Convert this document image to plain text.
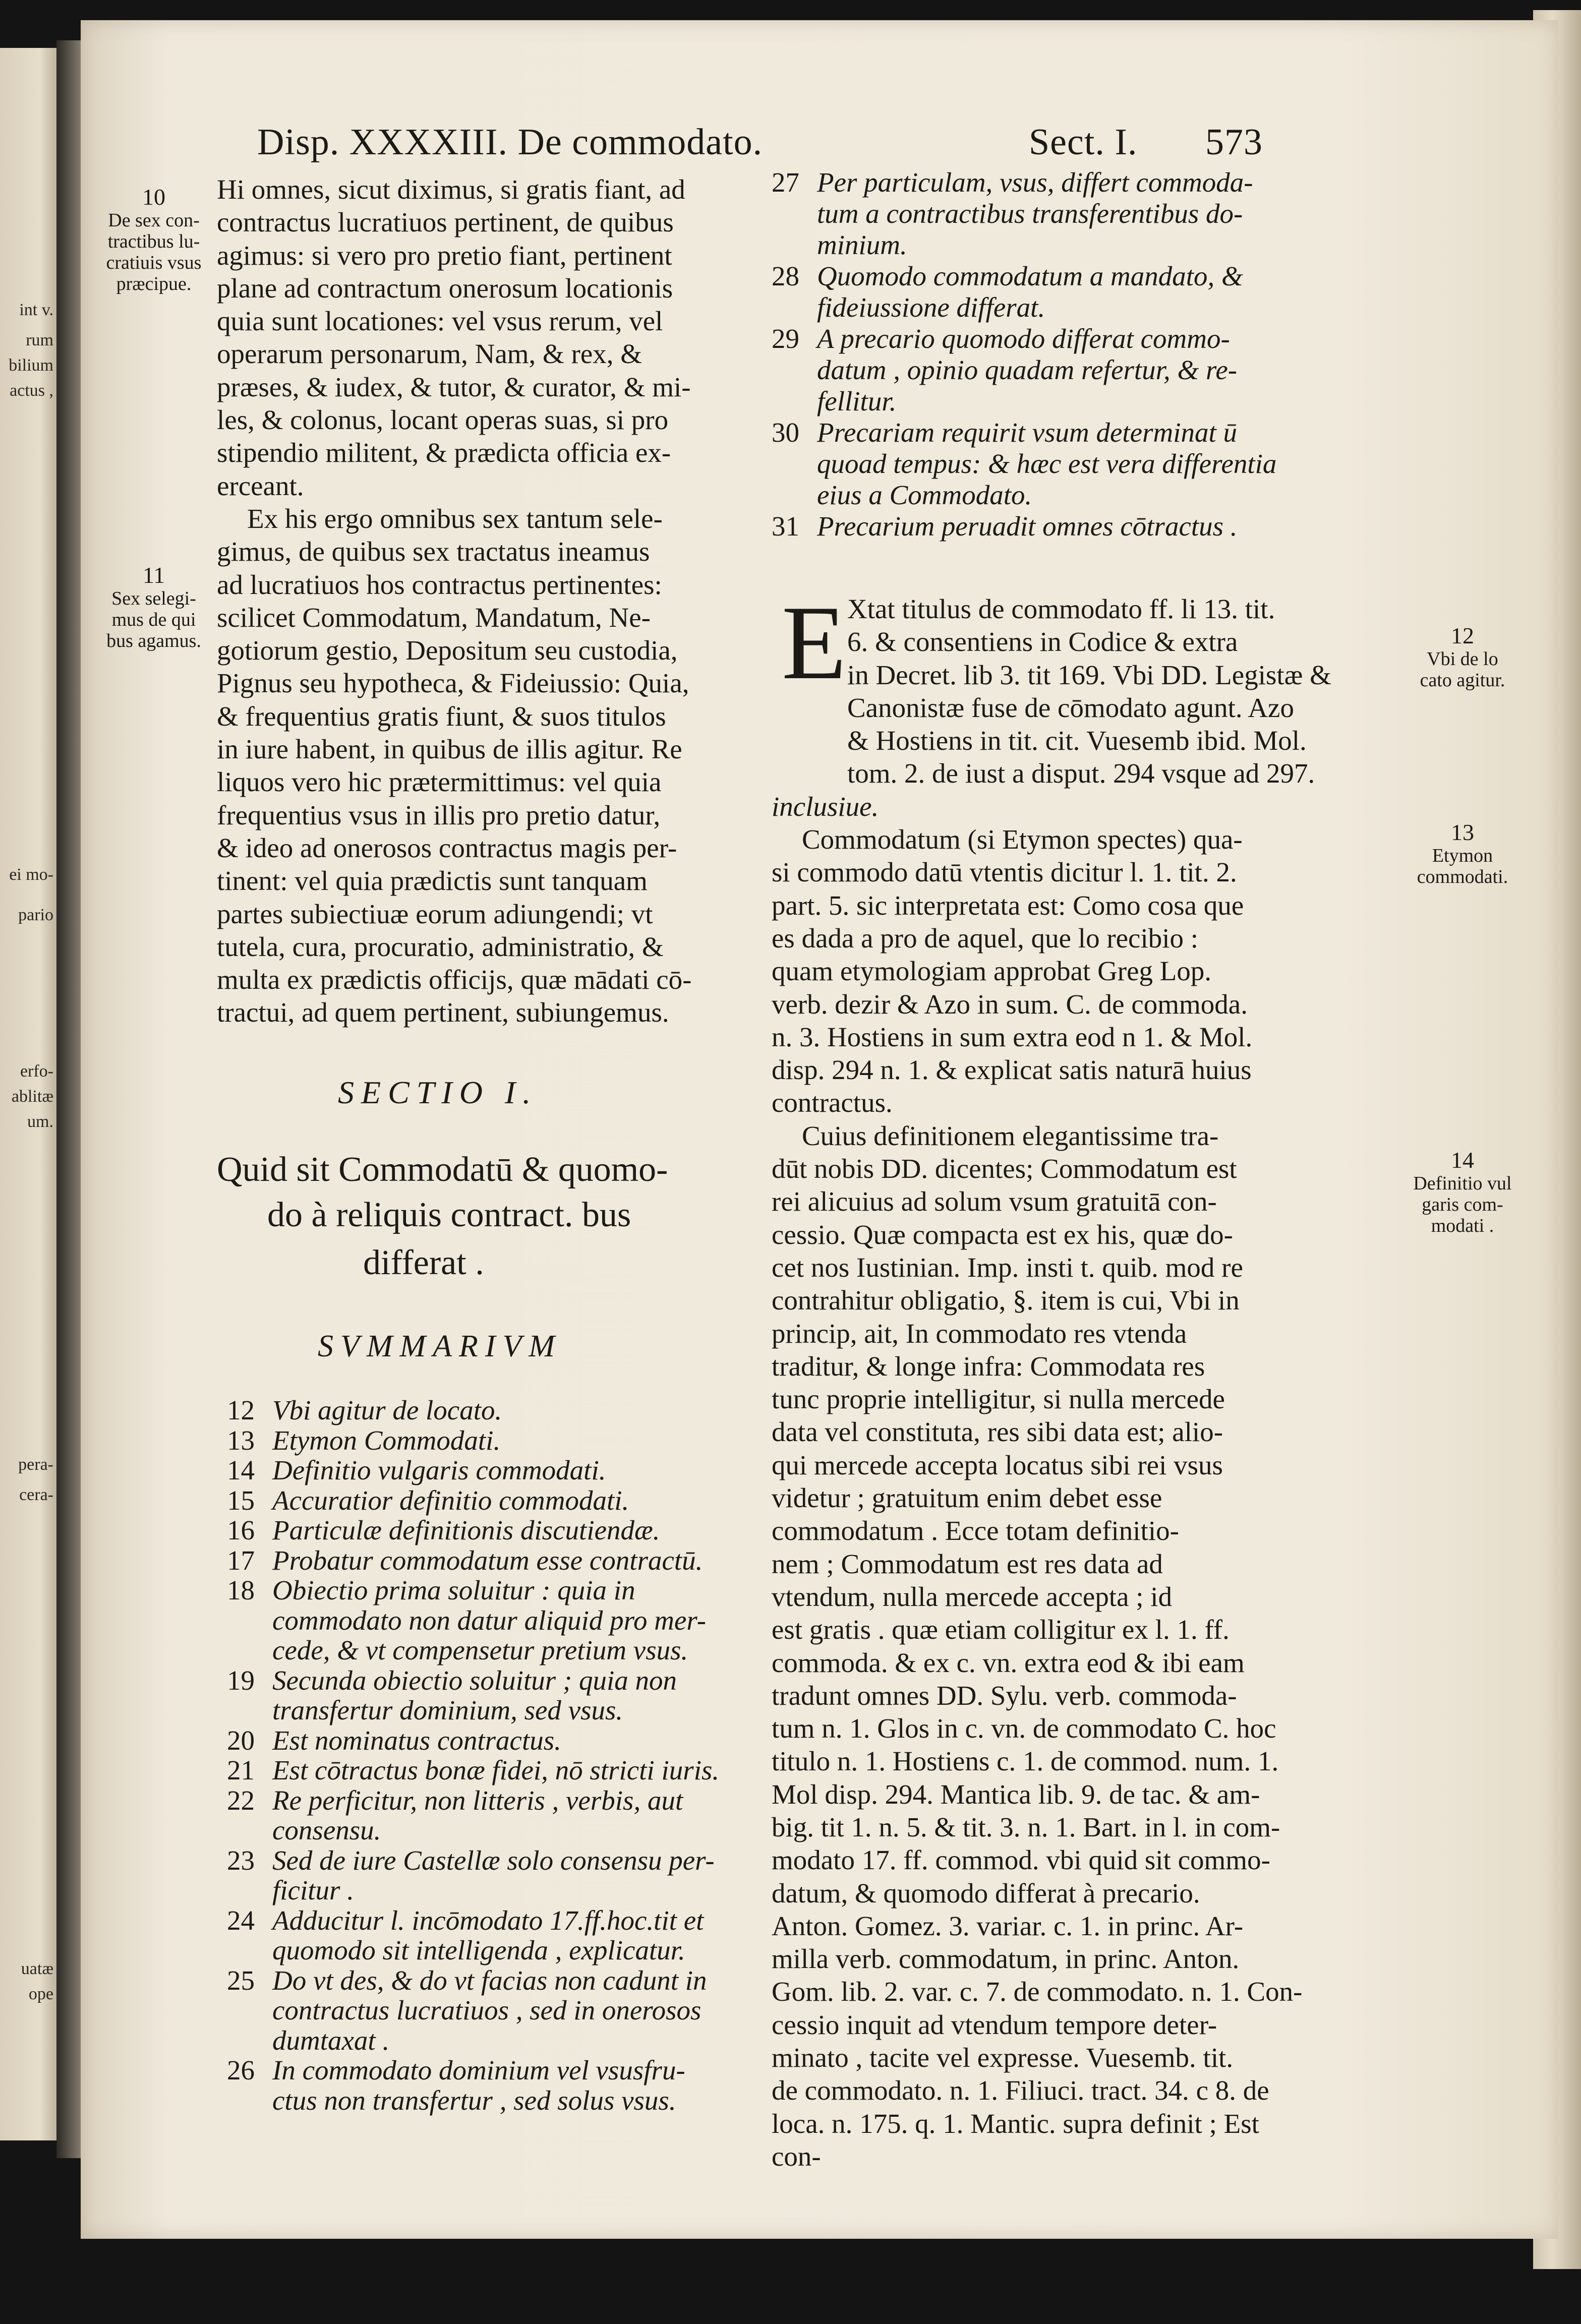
int v.
rum
bilium
actus ,
ei mo-
pario
erfo-
ablitæ
um.
pera-
cera-
uatæ
ope
Disp. XXXXIII. De commodato.	Sect. I. 573
10
De sex con-
tractibus lu-
cratiuis vsus
præcipue.
11
Sex selegi-
mus de qui
bus agamus.
Hi omnes, sicut diximus, si gratis fiant, ad
contractus lucratiuos pertinent, de quibus
agimus: si vero pro pretio fiant, pertinent
plane ad contractum onerosum locationis
quia sunt locationes: vel vsus rerum, vel
operarum personarum, Nam, & rex, &
præses, & iudex, & tutor, & curator, & mi-
les, & colonus, locant operas suas, si pro
stipendio militent, & prædicta officia ex-
erceant.
Ex his ergo omnibus sex tantum sele-
gimus, de quibus sex tractatus ineamus
ad lucratiuos hos contractus pertinentes:
scilicet Commodatum, Mandatum, Ne-
gotiorum gestio, Depositum seu custodia,
Pignus seu hypotheca, & Fideiussio: Quia,
& frequentius gratis fiunt, & suos titulos
in iure habent, in quibus de illis agitur. Re
liquos vero hic prætermittimus: vel quia
frequentius vsus in illis pro pretio datur,
& ideo ad onerosos contractus magis per-
tinent: vel quia prædictis sunt tanquam
partes subiectiuæ eorum adiungendi; vt
tutela, cura, procuratio, administratio, &
multa ex prædictis officijs, quæ mādati cō-
tractui, ad quem pertinent, subiungemus.
SECTIO I.
Quid sit Commodatū & quomo-
do à reliquis contract. bus
differat .
SVMMARIVM
12 Vbi agitur de locato.
13 Etymon Commodati.
14 Definitio vulgaris commodati.
15 Accuratior definitio commodati.
16 Particulæ definitionis discutiendæ.
17 Probatur commodatum esse contractū.
18 Obiectio prima soluitur : quia in
commodato non datur aliquid pro mer-
cede, & vt compensetur pretium vsus.
19 Secunda obiectio soluitur ; quia non
transfertur dominium, sed vsus.
20 Est nominatus contractus.
21 Est cōtractus bonæ fidei, nō stricti iuris.
22 Re perficitur, non litteris , verbis, aut
consensu.
23 Sed de iure Castellæ solo consensu per-
ficitur .
24 Adducitur l. incōmodato 17.ff.hoc.tit et
quomodo sit intelligenda , explicatur.
25 Do vt des, & do vt facias non cadunt in
contractus lucratiuos , sed in onerosos
dumtaxat .
26 In commodato dominium vel vsusfru-
ctus non transfertur , sed solus vsus.
27 Per particulam, vsus, differt commoda-
tum a contractibus transferentibus do-
minium.
28 Quomodo commodatum a mandato, &
fideiussione differat.
29 A precario quomodo differat commo-
datum , opinio quadam refertur, & re-
fellitur.
30 Precariam requirit vsum determinat ū
quoad tempus: & hæc est vera differentia
eius a Commodato.
31 Precarium peruadit omnes cōtractus .
E Xtat titulus de commodato ff. li 13. tit.
6. & consentiens in Codice & extra
in Decret. lib 3. tit 169. Vbi DD. Legistæ &
Canonistæ fuse de cōmodato agunt. Azo
& Hostiens in tit. cit. Vuesemb ibid. Mol.
tom. 2. de iust a disput. 294 vsque ad 297.
inclusiue.
Commodatum (si Etymon spectes) qua-
si commodo datū vtentis dicitur l. 1. tit. 2.
part. 5. sic interpretata est: Como cosa que
es dada a pro de aquel, que lo recibio :
quam etymologiam approbat Greg Lop.
verb. dezir & Azo in sum. C. de commoda.
n. 3. Hostiens in sum extra eod n 1. & Mol.
disp. 294 n. 1. & explicat satis naturā huius
contractus.
Cuius definitionem elegantissime tra-
dūt nobis DD. dicentes; Commodatum est
rei alicuius ad solum vsum gratuitā con-
cessio. Quæ compacta est ex his, quæ do-
cet nos Iustinian. Imp. insti t. quib. mod re
contrahitur obligatio, §. item is cui, Vbi in
princip, ait, In commodato res vtenda
traditur, & longe infra: Commodata res
tunc proprie intelligitur, si nulla mercede
data vel constituta, res sibi data est; alio-
qui mercede accepta locatus sibi rei vsus
videtur ; gratuitum enim debet esse
commodatum . Ecce totam definitio-
nem ; Commodatum est res data ad
vtendum, nulla mercede accepta ; id
est gratis . quæ etiam colligitur ex l. 1. ff.
commoda. & ex c. vn. extra eod & ibi eam
tradunt omnes DD. Sylu. verb. commoda-
tum n. 1. Glos in c. vn. de commodato C. hoc
titulo n. 1. Hostiens c. 1. de commod. num. 1.
Mol disp. 294. Mantica lib. 9. de tac. & am-
big. tit 1. n. 5. & tit. 3. n. 1. Bart. in l. in com-
modato 17. ff. commod. vbi quid sit commo-
datum, & quomodo differat à precario.
Anton. Gomez. 3. variar. c. 1. in princ. Ar-
milla verb. commodatum, in princ. Anton.
Gom. lib. 2. var. c. 7. de commodato. n. 1. Con-
cessio inquit ad vtendum tempore deter-
minato , tacite vel expresse. Vuesemb. tit.
de commodato. n. 1. Filiuci. tract. 34. c 8. de
loca. n. 175. q. 1. Mantic. supra definit ; Est
con-
12
Vbi de lo
cato agitur.
13
Etymon
commodati.
14
Definitio vul
garis com-
modati .
